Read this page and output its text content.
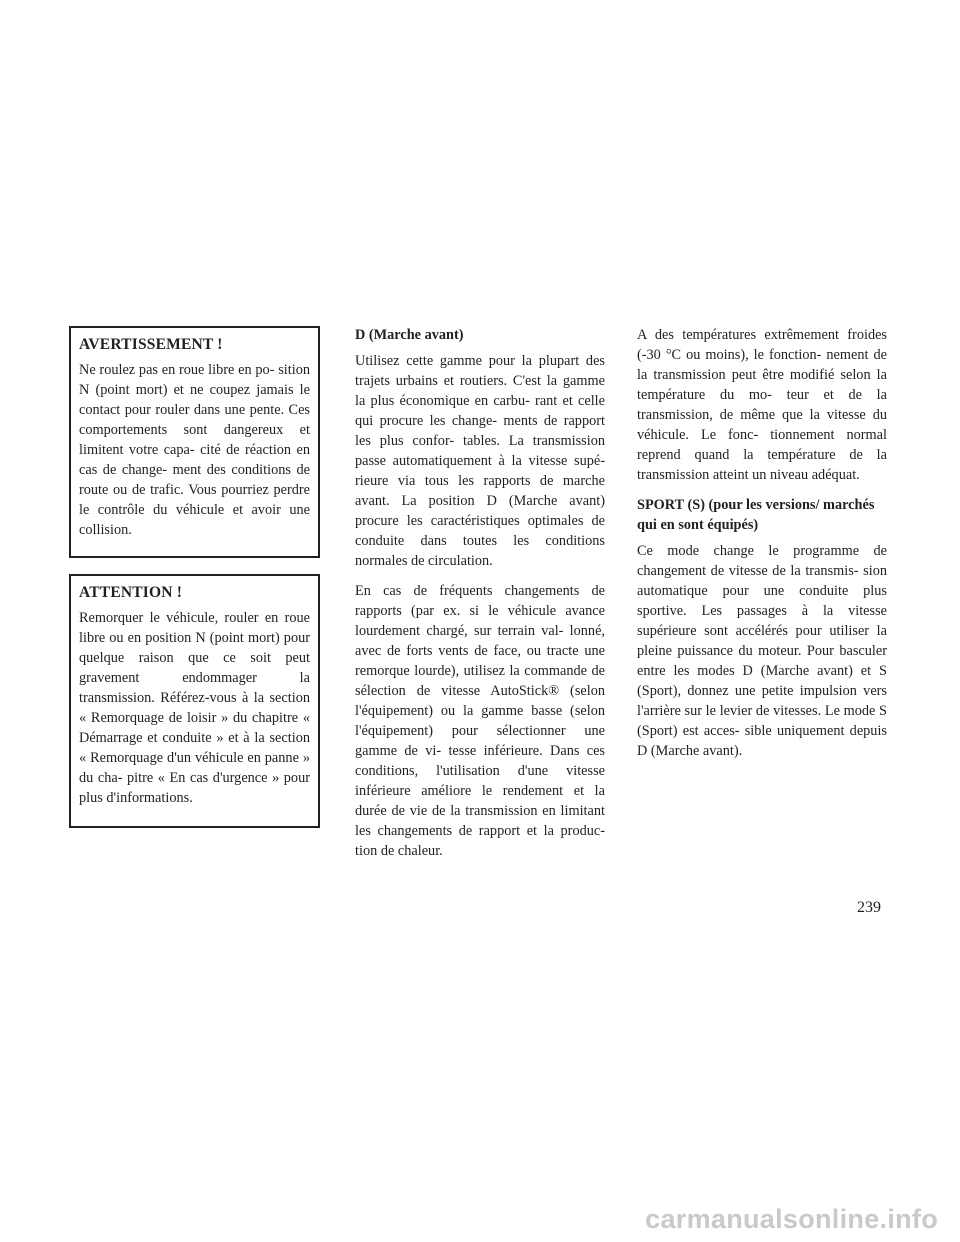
AVERTISSEMENT !

Ne roulez pas en roue libre en po- sition N (point mort) et ne coupez jamais le contact pour rouler dans une pente. Ces comportements sont dangereux et limitent votre capa- cité de réaction en cas de change- ment des conditions de route ou de trafic. Vous pourriez perdre le contrôle du véhicule et avoir une collision.

ATTENTION !

Remorquer le véhicule, rouler en roue libre ou en position N (point mort) pour quelque raison que ce soit peut gravement endommager la transmission. Référez-vous à la section « Remorquage de loisir » du chapitre « Démarrage et conduite » et à la section « Remorquage d'un véhicule en panne » du cha- pitre « En cas d'urgence » pour plus d'informations.

D (Marche avant)

Utilisez cette gamme pour la plupart des trajets urbains et routiers. C'est la gamme la plus économique en carbu- rant et celle qui procure les change- ments de rapport les plus confor- tables. La transmission passe automatiquement à la vitesse supé- rieure via tous les rapports de marche avant. La position D (Marche avant) procure les caractéristiques optimales de conduite dans toutes les conditions normales de circulation.

En cas de fréquents changements de rapports (par ex. si le véhicule avance lourdement chargé, sur terrain val- lonné, avec de forts vents de face, ou tracte une remorque lourde), utilisez la commande de sélection de vitesse AutoStick® (selon l'équipement) ou la gamme basse (selon l'équipement) pour sélectionner une gamme de vi- tesse inférieure. Dans ces conditions, l'utilisation d'une vitesse inférieure améliore le rendement et la durée de vie de la transmission en limitant les changements de rapport et la produc- tion de chaleur.

A des températures extrêmement froides (-30 °C ou moins), le fonction- nement de la transmission peut être modifié selon la température du mo- teur et de la transmission, de même que la vitesse du véhicule. Le fonc- tionnement normal reprend quand la température de la transmission atteint un niveau adéquat.

SPORT (S) (pour les versions/ marchés qui en sont équipés)

Ce mode change le programme de changement de vitesse de la transmis- sion automatique pour une conduite plus sportive. Les passages à la vitesse supérieure sont accélérés pour utiliser la pleine puissance du moteur. Pour basculer entre les modes D (Marche avant) et S (Sport), donnez une petite impulsion vers l'arrière sur le levier de vitesses. Le mode S (Sport) est acces- sible uniquement depuis D (Marche avant).

239
carmanualsonline.info
